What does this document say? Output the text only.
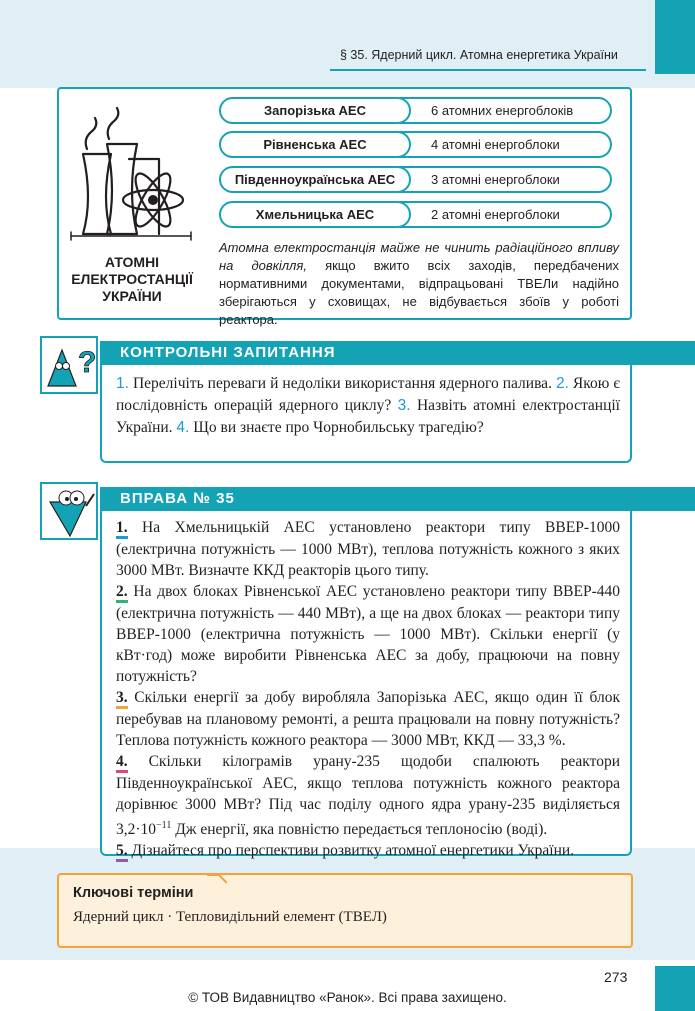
§ 35. Ядерний цикл. Атомна енергетика України
АТОМНІ ЕЛЕКТРОСТАНЦІЇ УКРАЇНИ
6 атомних енергоблоків
Запорізька АЕС
4 атомні енергоблоки
Рівненська АЕС
3 атомні енергоблоки
Південноукраїнська АЕС
2 атомні енергоблоки
Хмельницька АЕС
Атомна електростанція майже не чинить радіаційного впливу на довкілля, якщо вжито всіх заходів, передбачених нормативними документами, відпрацьовані ТВЕЛи надійно зберігаються у сховищах, не відбувається збоїв у роботі реактора.
?	КОНТРОЛЬНІ ЗАПИТАННЯ
1. Перелічіть переваги й недоліки використання ядерного палива. 2. Якою є послідовність операцій ядерного циклу? 3. Назвіть атомні електростанції України. 4. Що ви знаєте про Чорнобильську трагедію?
ВПРАВА № 35
1. На Хмельницькій АЕС установлено реактори типу ВВЕР-1000 (електрична потужність — 1000 МВт), теплова потужність кожного з яких 3000 МВт. Визначте ККД реакторів цього типу.
2. На двох блоках Рівненської АЕС установлено реактори типу ВВЕР-440 (електрична потужність — 440 МВт), а ще на двох блоках — реактори типу ВВЕР-1000 (електрична потужність — 1000 МВт). Скільки енергії (у кВт·год) може виробити Рівненська АЕС за добу, працюючи на повну потужність?
3. Скільки енергії за добу виробляла Запорізька АЕС, якщо один її блок перебував на плановому ремонті, а решта працювали на повну потужність? Теплова потужність кожного реактора — 3000 МВт, ККД — 33,3 %.
4. Скільки кілограмів урану-235 щодоби спалюють реактори Південноукраїнської АЕС, якщо теплова потужність кожного реактора дорівнює 3000 МВт? Під час поділу одного ядра урану-235 виділяється $3,2\cdot 10^{-11}$ Дж енергії, яка повністю передається теплоносію (воді).
5. Дізнайтеся про перспективи розвитку атомної енергетики України.
Ключові терміни
Ядерний цикл · Тепловидільний елемент (ТВЕЛ)
273
© ТОВ Видавництво «Ранок». Всі права захищено.
